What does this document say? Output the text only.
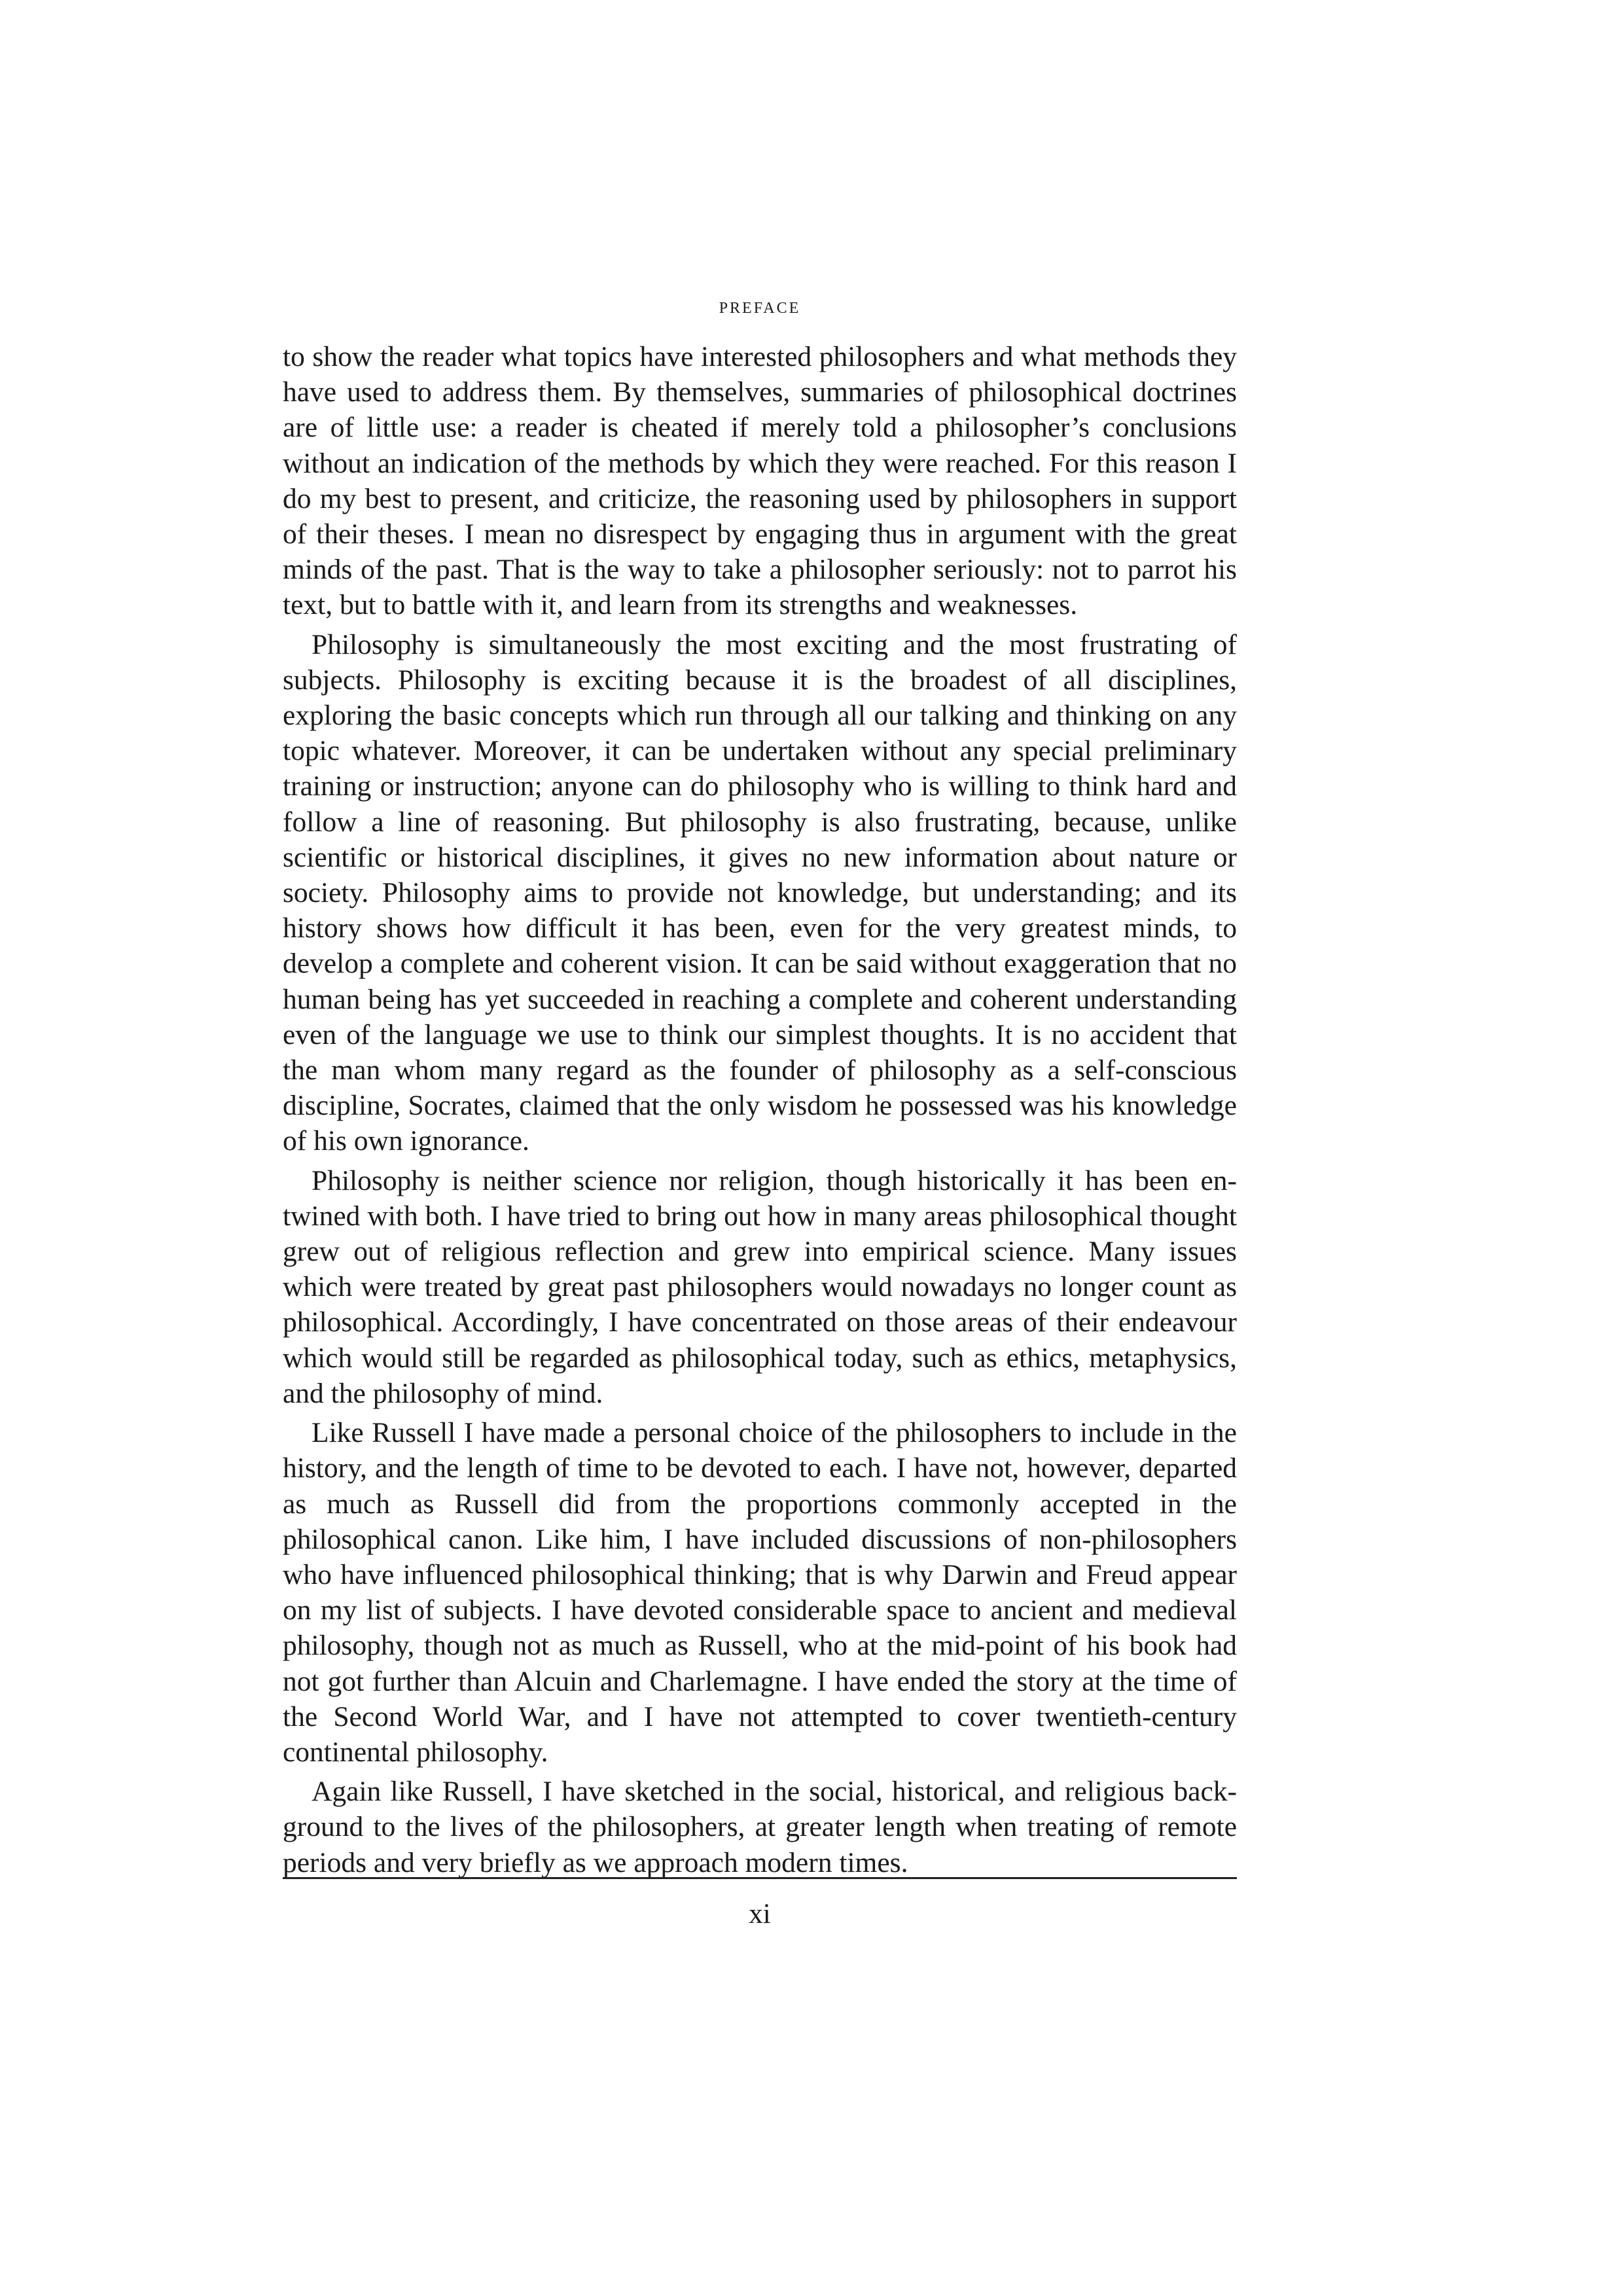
preface

to show the reader what topics have interested philosophers and what methods they have used to address them. By themselves, summaries of philosophical doctrines are of little use: a reader is cheated if merely told a philosopher’s conclusions without an indication of the methods by which they were reached. For this reason I do my best to present, and criticize, the reasoning used by philosophers in support of their theses. I mean no disrespect by engaging thus in argument with the great minds of the past. That is the way to take a philosopher seriously: not to parrot his text, but to battle with it, and learn from its strengths and weaknesses.

Philosophy is simultaneously the most exciting and the most frustrating of subjects. Philosophy is exciting because it is the broadest of all disciplines, exploring the basic concepts which run through all our talking and thinking on any topic whatever. Moreover, it can be undertaken without any special preliminary training or instruction; anyone can do philosophy who is willing to think hard and follow a line of reasoning. But philosophy is also frustrating, because, unlike scientific or historical disciplines, it gives no new information about nature or society. Philosophy aims to provide not knowledge, but understanding; and its history shows how difficult it has been, even for the very greatest minds, to develop a complete and coherent vision. It can be said without exaggeration that no human being has yet succeeded in reaching a complete and coherent understanding even of the language we use to think our simplest thoughts. It is no accident that the man whom many regard as the founder of philosophy as a self-conscious discipline, Socrates, claimed that the only wisdom he possessed was his knowledge of his own ignorance.

Philosophy is neither science nor religion, though historically it has been entwined with both. I have tried to bring out how in many areas philosophical thought grew out of religious reflection and grew into empirical science. Many issues which were treated by great past philosophers would nowadays no longer count as philosophical. Accordingly, I have concentrated on those areas of their endeavour which would still be regarded as philosophical today, such as ethics, metaphysics, and the philosophy of mind.

Like Russell I have made a personal choice of the philosophers to include in the history, and the length of time to be devoted to each. I have not, however, departed as much as Russell did from the proportions commonly accepted in the philosophical canon. Like him, I have included discussions of non-philosophers who have influenced philosophical thinking; that is why Darwin and Freud appear on my list of subjects. I have devoted considerable space to ancient and medieval philosophy, though not as much as Russell, who at the mid-point of his book had not got further than Alcuin and Charlemagne. I have ended the story at the time of the Second World War, and I have not attempted to cover twentieth-century continental philosophy.

Again like Russell, I have sketched in the social, historical, and religious background to the lives of the philosophers, at greater length when treating of remote periods and very briefly as we approach modern times.

xi
